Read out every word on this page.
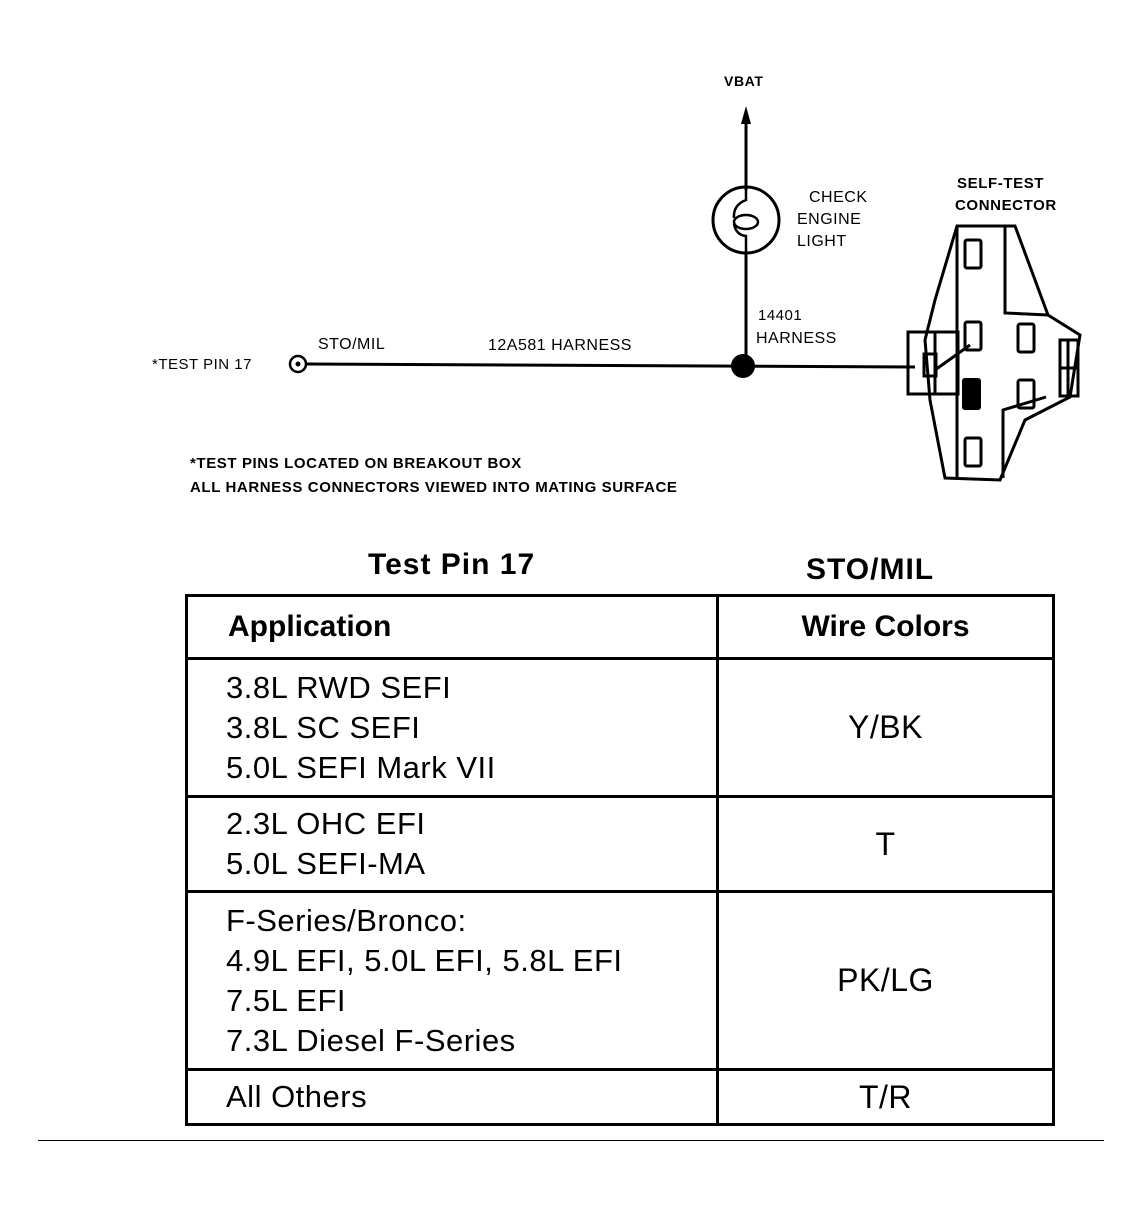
VBAT
CHECK
ENGINE
LIGHT
SELF-TEST
CONNECTOR
*TEST PIN 17
STO/MIL	12A581 HARNESS
14401
HARNESS
*TEST PINS LOCATED ON BREAKOUT BOX
ALL HARNESS CONNECTORS VIEWED INTO MATING SURFACE
Test Pin 17	STO/MIL
Application	Wire Colors

3.8L RWD SEFI
3.8L SC SEFI
5.0L SEFI Mark VII	Y/BK

2.3L OHC EFI
5.0L SEFI-MA	T

F-Series/Bronco:
4.9L EFI, 5.0L EFI, 5.8L EFI
7.5L EFI
7.3L Diesel F-Series	PK/LG

All Others	T/R
